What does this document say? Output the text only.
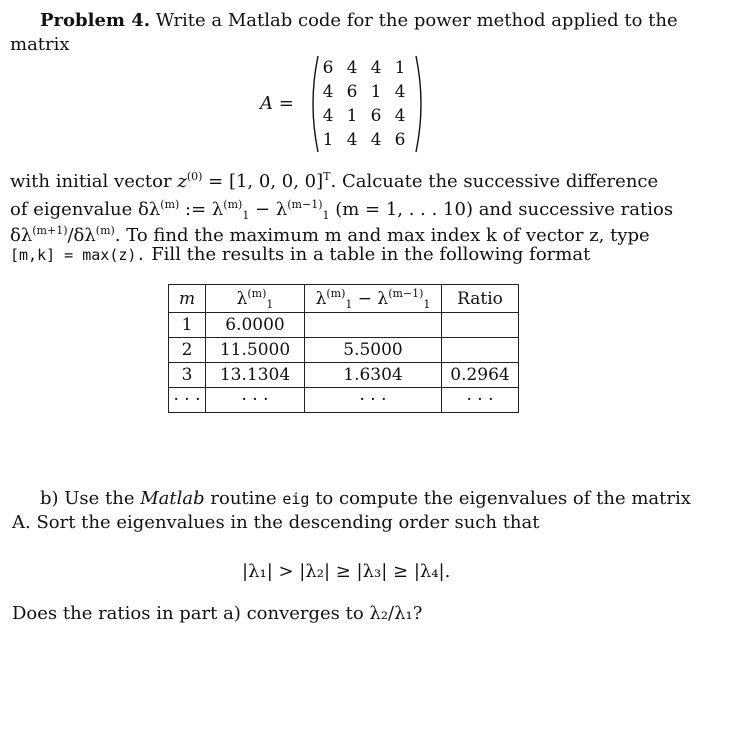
Problem 4. Write a Matlab code for the power method applied to the
matrix
A =
6 4 4 1
4 6 1 4
4 1 6 4
1 4 4 6
with initial vector $z^{(0)} = [1$, 0, 0, 0]$^T$. Calcuate the successive difference
of eigenvalue $\delta\lambda^{(m)}$ := $\lambda^{(m)}_1 - \lambda^{(m-1)}_1$ (m = 1, . . . 10) and successive ratios
$\delta\lambda^{(m+1)}/\delta\lambda^{(m)}$. To find the maximum m and max index k of vector z, type
[m,k] = max(z). Fill the results in a table in the following format
m	$\lambda^{(m)}_1$	$\lambda^{(m)}_1 - \lambda^{(m-1)}_1$	Ratio
1	6.0000		
2	11.5000	5.5000	
3	13.1304	1.6304	0.2964
· · ·	· · ·	· · ·	· · ·
b) Use the Matlab routine eig to compute the eigenvalues of the matrix
A. Sort the eigenvalues in the descending order such that
|λ₁| > |λ₂| ≥ |λ₃| ≥ |λ₄|.
Does the ratios in part a) converges to λ₂/λ₁?
